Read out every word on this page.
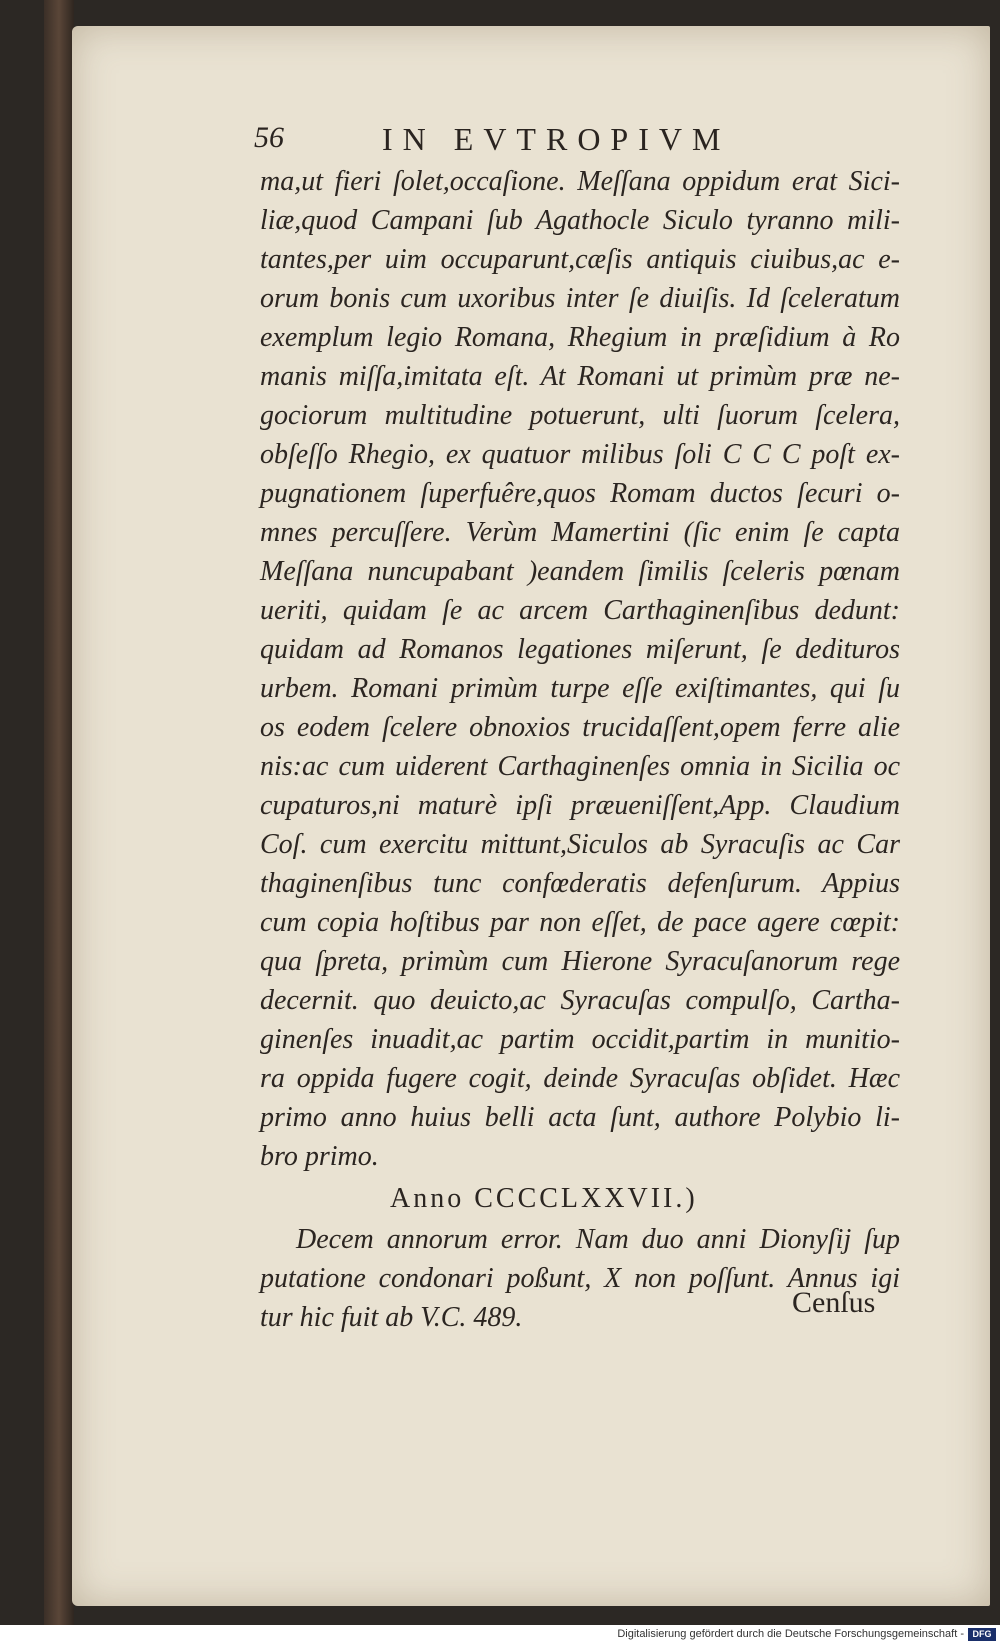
56	IN EVTROPIVM
ma,ut fieri ſolet,occaſione. Meſſana oppidum erat Sici-
liæ,quod Campani ſub Agathocle Siculo tyranno mili-
tantes,per uim occuparunt,cæſis antiquis ciuibus,ac e-
orum bonis cum uxoribus inter ſe diuiſis. Id ſceleratum
exemplum legio Romana, Rhegium in præſidium à Ro
manis miſſa,imitata eſt. At Romani ut primùm præ ne-
gociorum multitudine potuerunt, ulti ſuorum ſcelera,
obſeſſo Rhegio, ex quatuor milibus ſoli C C C poſt ex-
pugnationem ſuperfuêre,quos Romam ductos ſecuri o-
mnes percuſſere. Verùm Mamertini (ſic enim ſe capta
Meſſana nuncupabant )eandem ſimilis ſceleris pœnam
ueriti, quidam ſe ac arcem Carthaginenſibus dedunt:
quidam ad Romanos legationes miſerunt, ſe dedituros
urbem. Romani primùm turpe eſſe exiſtimantes, qui ſu
os eodem ſcelere obnoxios trucidaſſent,opem ferre alie
nis:ac cum uiderent Carthaginenſes omnia in Sicilia oc
cupaturos,ni maturè ipſi præueniſſent,App. Claudium
Coſ. cum exercitu mittunt,Siculos ab Syracuſis ac Car
thaginenſibus tunc confœderatis defenſurum. Appius
cum copia hoſtibus par non eſſet, de pace agere cœpit:
qua ſpreta, primùm cum Hierone Syracuſanorum rege
decernit. quo deuicto,ac Syracuſas compulſo, Cartha-
ginenſes inuadit,ac partim occidit,partim in munitio-
ra oppida fugere cogit, deinde Syracuſas obſidet. Hæc
primo anno huius belli acta ſunt, authore Polybio li-
bro primo.
Anno CCCCLXXVII.)
Decem annorum error. Nam duo anni Dionyſij ſup
putatione condonari poßunt, X non poſſunt. Annus igi
tur hic fuit ab V.C. 489.	Cenſus
Digitalisierung gefördert durch die Deutsche Forschungsgemeinschaft - DFG
